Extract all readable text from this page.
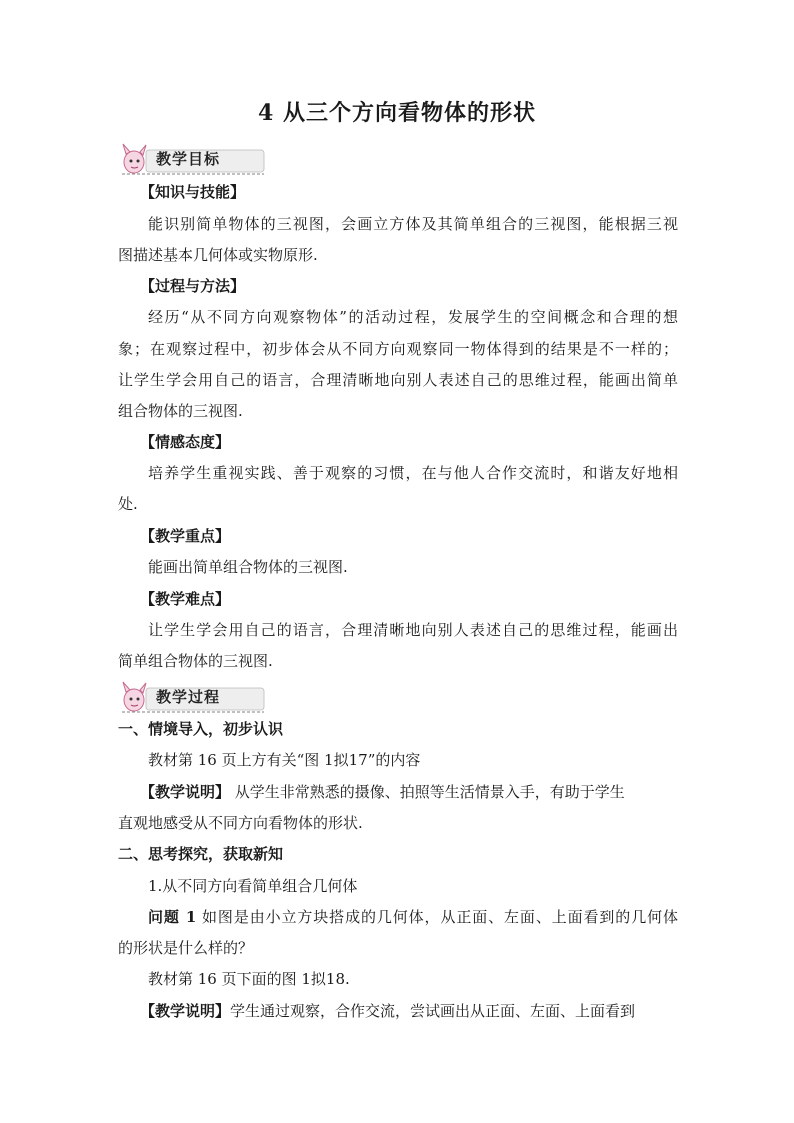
4 从三个方向看物体的形状
教学目标
【知识与技能】
能识别简单物体的三视图，会画立方体及其简单组合的三视图，能根据三视
图描述基本几何体或实物原形.
【过程与方法】
经历“从不同方向观察物体”的活动过程，发展学生的空间概念和合理的想
象；在观察过程中，初步体会从不同方向观察同一物体得到的结果是不一样的；
让学生学会用自己的语言，合理清晰地向别人表述自己的思维过程，能画出简单
组合物体的三视图.
【情感态度】
培养学生重视实践、善于观察的习惯，在与他人合作交流时，和谐友好地相
处.
【教学重点】
能画出简单组合物体的三视图.
【教学难点】
让学生学会用自己的语言，合理清晰地向别人表述自己的思维过程，能画出
简单组合物体的三视图.
教学过程
一、情境导入，初步认识
教材第 16 页上方有关“图 1拟17”的内容
【教学说明】 从学生非常熟悉的摄像、拍照等生活情景入手，有助于学生
直观地感受从不同方向看物体的形状.
二、思考探究，获取新知
1.从不同方向看简单组合几何体
问题 1 如图是由小立方块搭成的几何体，从正面、左面、上面看到的几何体
的形状是什么样的？
教材第 16 页下面的图 1拟18.
【教学说明】学生通过观察，合作交流，尝试画出从正面、左面、上面看到
